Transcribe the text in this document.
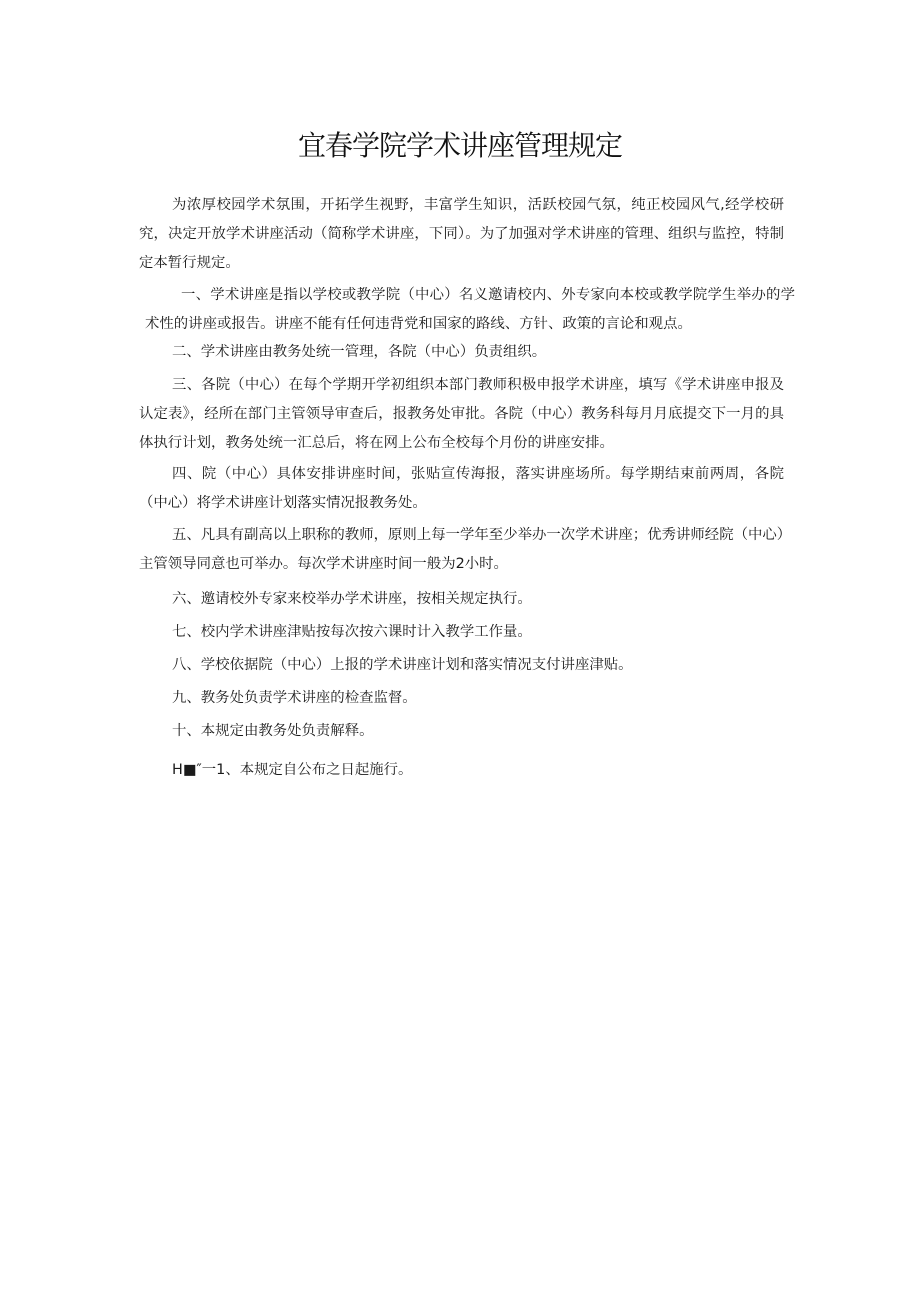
宜春学院学术讲座管理规定

为浓厚校园学术氛围，开拓学生视野，丰富学生知识，活跃校园气氛，纯正校园风气,经学校研究，决定开放学术讲座活动（简称学术讲座，下同）。为了加强对学术讲座的管理、组织与监控，特制定本暂行规定。

一、学术讲座是指以学校或教学院（中心）名义邀请校内、外专家向本校或教学院学生举办的学术性的讲座或报告。讲座不能有任何违背党和国家的路线、方针、政策的言论和观点。

二、学术讲座由教务处统一管理，各院（中心）负责组织。

三、各院（中心）在每个学期开学初组织本部门教师积极申报学术讲座，填写《学术讲座申报及认定表》，经所在部门主管领导审查后，报教务处审批。各院（中心）教务科每月月底提交下一月的具体执行计划，教务处统一汇总后，将在网上公布全校每个月份的讲座安排。

四、院（中心）具体安排讲座时间，张贴宣传海报，落实讲座场所。每学期结束前两周，各院（中心）将学术讲座计划落实情况报教务处。

五、凡具有副高以上职称的教师，原则上每一学年至少举办一次学术讲座；优秀讲师经院（中心）主管领导同意也可举办。每次学术讲座时间一般为2小时。

六、邀请校外专家来校举办学术讲座，按相关规定执行。

七、校内学术讲座津贴按每次按六课时计入教学工作量。

八、学校依据院（中心）上报的学术讲座计划和落实情况支付讲座津贴。

九、教务处负责学术讲座的检查监督。

十、本规定由教务处负责解释。

H■″一1、本规定自公布之日起施行。
